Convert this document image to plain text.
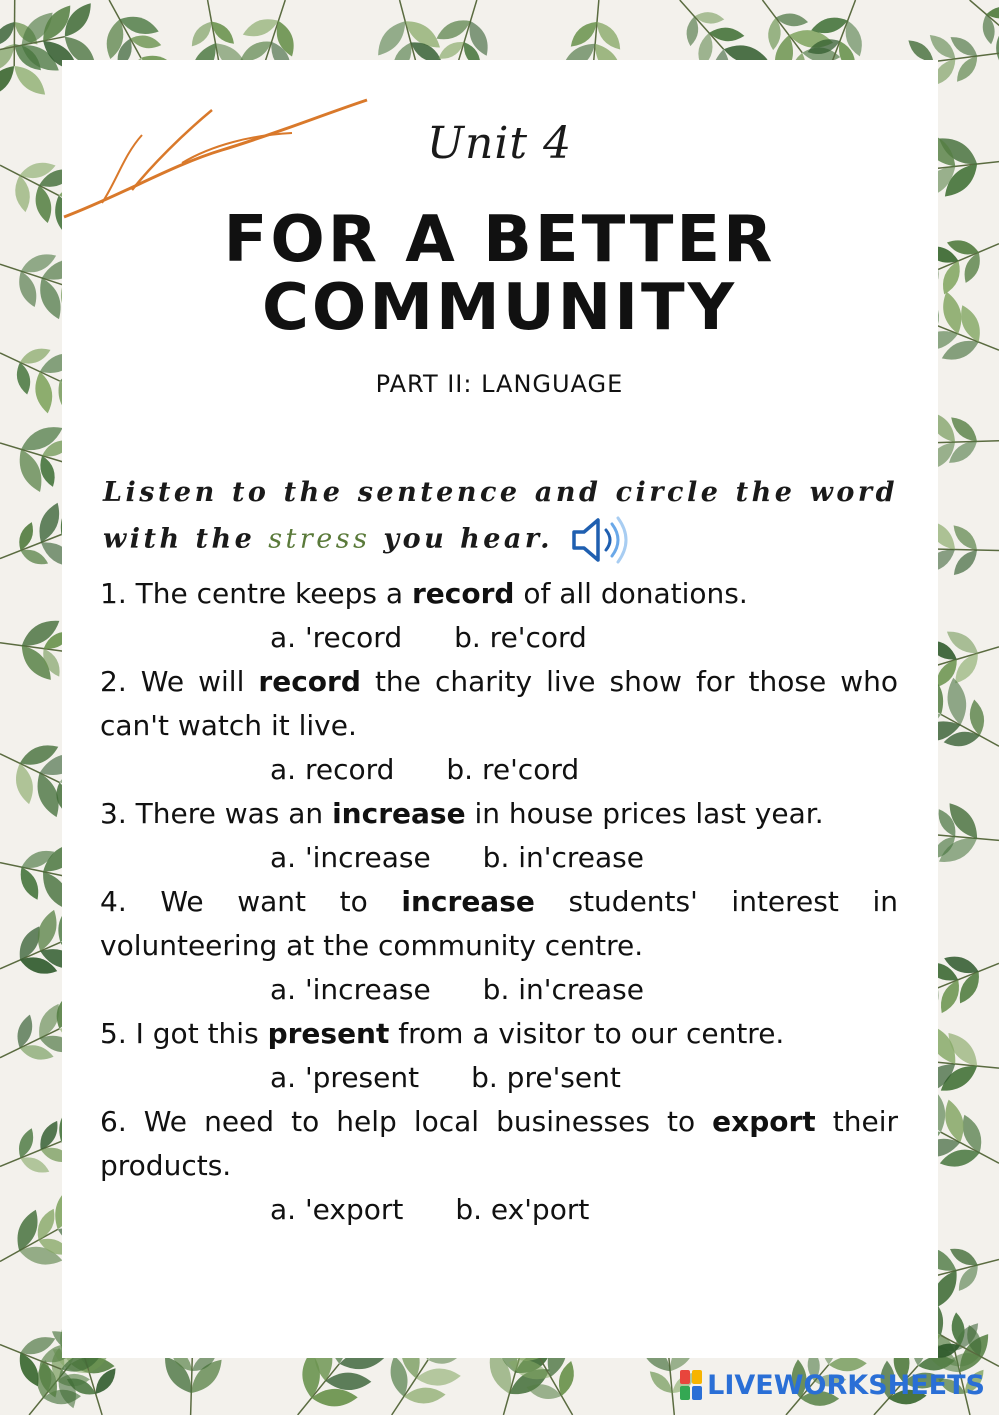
Unit 4
FOR A BETTER
COMMUNITY
PART II: LANGUAGE
Listen to the sentence and circle the word with the stress you hear.

1. The centre keeps a record of all donations.

a. 'record b. re'cord

2. We will record the charity live show for those who can't watch it live.

a. record b. re'cord

3. There was an increase in house prices last year.

a. 'increase b. in'crease

4. We want to increase students' interest in volunteering at the community centre.

a. 'increase b. in'crease

5. I got this present from a visitor to our centre.

a. 'present b. pre'sent

6. We need to help local businesses to export their products.

a. 'export b. ex'port

LIVEWORKSHEETS
